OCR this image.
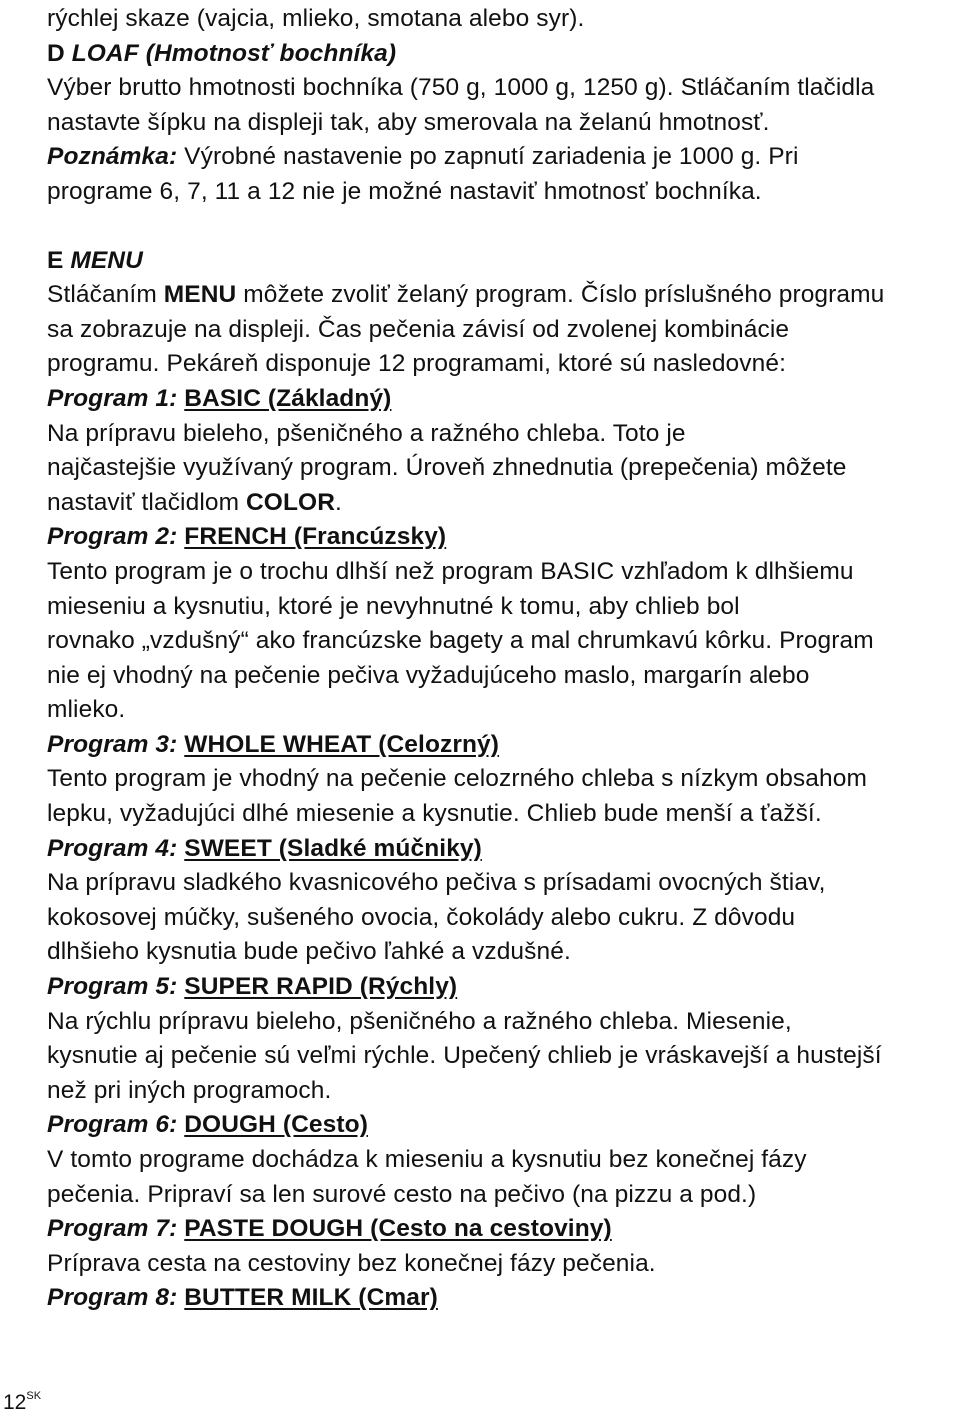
rýchlej skaze (vajcia, mlieko, smotana alebo syr).
D LOAF (Hmotnosť bochníka)
Výber brutto hmotnosti bochníka (750 g, 1000 g, 1250 g). Stláčaním tlačidla
nastavte šípku na displeji tak, aby smerovala na želanú hmotnosť.
Poznámka: Výrobné nastavenie po zapnutí zariadenia je 1000 g. Pri
programe 6, 7, 11 a 12 nie je možné nastaviť hmotnosť bochníka.
E MENU
Stláčaním MENU môžete zvoliť želaný program. Číslo príslušného programu
sa zobrazuje na displeji. Čas pečenia závisí od zvolenej kombinácie
programu. Pekáreň disponuje 12 programami, ktoré sú nasledovné:
Program 1: BASIC (Základný)
Na prípravu bieleho, pšeničného a ražného chleba. Toto je
najčastejšie využívaný program. Úroveň zhnednutia (prepečenia) môžete
nastaviť tlačidlom COLOR.
Program 2: FRENCH (Francúzsky)
Tento program je o trochu dlhší než program BASIC vzhľadom k dlhšiemu
mieseniu a kysnutiu, ktoré je nevyhnutné k tomu, aby chlieb bol
rovnako „vzdušný“ ako francúzske bagety a mal chrumkavú kôrku. Program
nie ej vhodný na pečenie pečiva vyžadujúceho maslo, margarín alebo
mlieko.
Program 3: WHOLE WHEAT (Celozrný)
Tento program je vhodný na pečenie celozrného chleba s nízkym obsahom
lepku, vyžadujúci dlhé miesenie a kysnutie. Chlieb bude menší a ťažší.
Program 4: SWEET (Sladké múčniky)
Na prípravu sladkého kvasnicového pečiva s prísadami ovocných štiav,
kokosovej múčky, sušeného ovocia, čokolády alebo cukru. Z dôvodu
dlhšieho kysnutia bude pečivo ľahké a vzdušné.
Program 5: SUPER RAPID (Rýchly)
Na rýchlu prípravu bieleho, pšeničného a ražného chleba. Miesenie,
kysnutie aj pečenie sú veľmi rýchle. Upečený chlieb je vráskavejší a hustejší
než pri iných programoch.
Program 6: DOUGH (Cesto)
V tomto programe dochádza k mieseniu a kysnutiu bez konečnej fázy
pečenia. Pripraví sa len surové cesto na pečivo (na pizzu a pod.)
Program 7: PASTE DOUGH (Cesto na cestoviny)
Príprava cesta na cestoviny bez konečnej fázy pečenia.
Program 8: BUTTER MILK (Cmar)
$12^{SK}$
